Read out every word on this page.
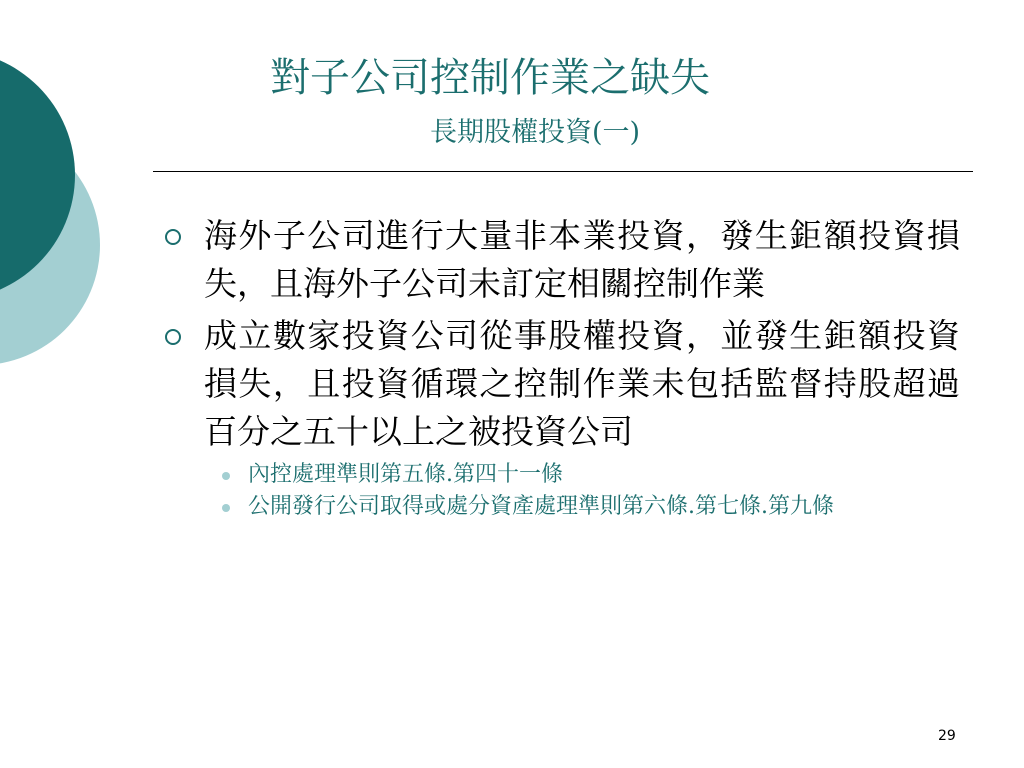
對子公司控制作業之缺失
長期股權投資(一)
海外子公司進行大量非本業投資，發生鉅額投資損失，且海外子公司未訂定相關控制作業
成立數家投資公司從事股權投資，並發生鉅額投資損失，且投資循環之控制作業未包括監督持股超過百分之五十以上之被投資公司
內控處理準則第五條.第四十一條
公開發行公司取得或處分資產處理準則第六條.第七條.第九條
29
